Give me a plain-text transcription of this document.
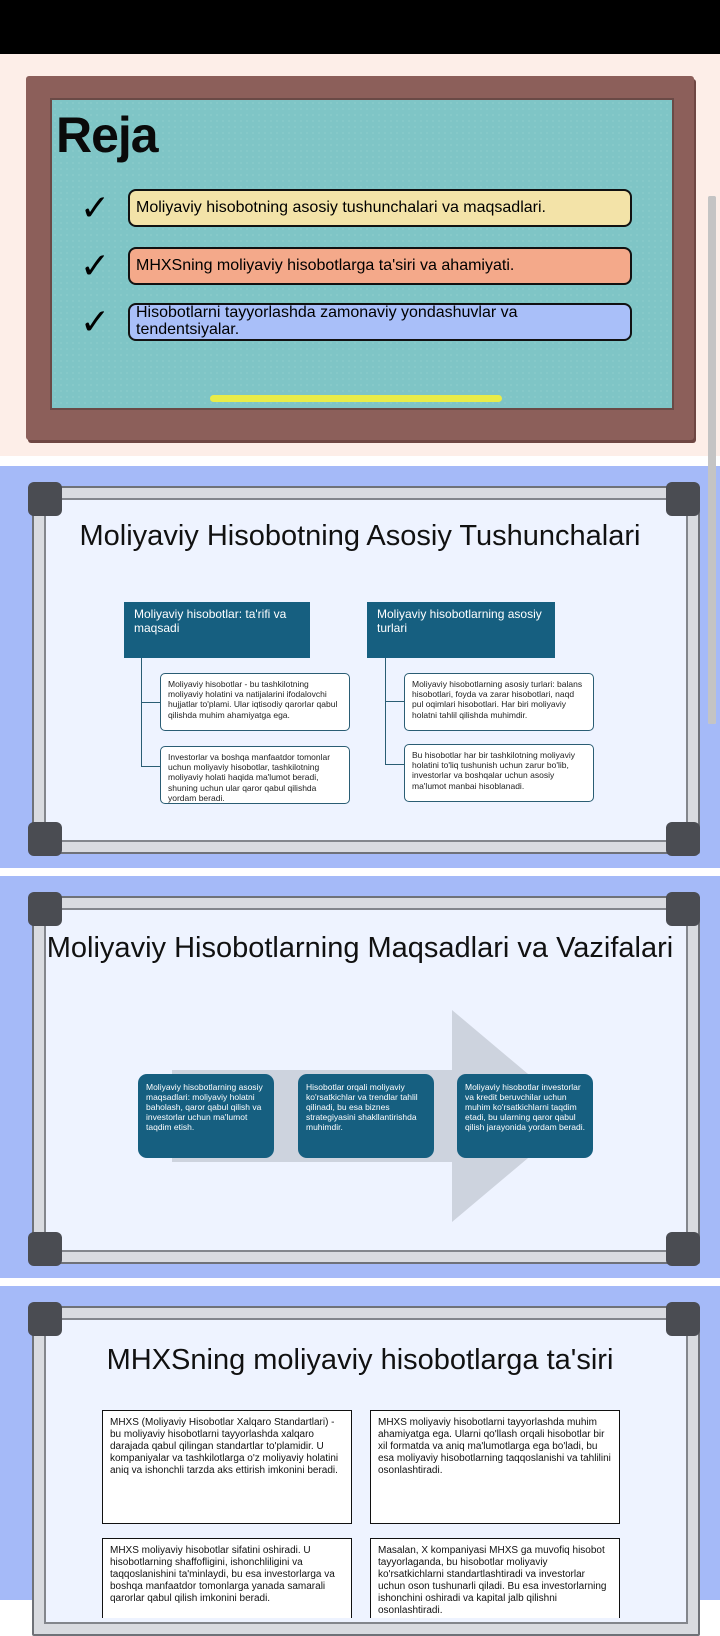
Reja
✓	Moliyaviy hisobotning asosiy tushunchalari va maqsadlari.
✓	MHXSning moliyaviy hisobotlarga ta'siri va ahamiyati.
✓	Hisobotlarni tayyorlashda zamonaviy yondashuvlar va tendentsiyalar.
Moliyaviy Hisobotning Asosiy Tushunchalari
Moliyaviy hisobotlar: ta'rifi va maqsadi
Moliyaviy hisobotlar - bu tashkilotning moliyaviy holatini va natijalarini ifodalovchi hujjatlar to'plami. Ular iqtisodiy qarorlar qabul qilishda muhim ahamiyatga ega.
Investorlar va boshqa manfaatdor tomonlar uchun moliyaviy hisobotlar, tashkilotning moliyaviy holati haqida ma'lumot beradi, shuning uchun ular qaror qabul qilishda yordam beradi.
Moliyaviy hisobotlarning asosiy turlari
Moliyaviy hisobotlarning asosiy turlari: balans hisobotlari, foyda va zarar hisobotlari, naqd pul oqimlari hisobotlari. Har biri moliyaviy holatni tahlil qilishda muhimdir.
Bu hisobotlar har bir tashkilotning moliyaviy holatini to'liq tushunish uchun zarur bo'lib, investorlar va boshqalar uchun asosiy ma'lumot manbai hisoblanadi.
Moliyaviy Hisobotlarning Maqsadlari va Vazifalari
Moliyaviy hisobotlarning asosiy maqsadlari: moliyaviy holatni baholash, qaror qabul qilish va investorlar uchun ma'lumot taqdim etish.
Hisobotlar orqali moliyaviy ko'rsatkichlar va trendlar tahlil qilinadi, bu esa biznes strategiyasini shakllantirishda muhimdir.
Moliyaviy hisobotlar investorlar va kredit beruvchilar uchun muhim ko'rsatkichlarni taqdim etadi, bu ularning qaror qabul qilish jarayonida yordam beradi.
MHXSning moliyaviy hisobotlarga ta'siri
MHXS (Moliyaviy Hisobotlar Xalqaro Standartlari) - bu moliyaviy hisobotlarni tayyorlashda xalqaro darajada qabul qilingan standartlar to'plamidir. U kompaniyalar va tashkilotlarga o'z moliyaviy holatini aniq va ishonchli tarzda aks ettirish imkonini beradi.
MHXS moliyaviy hisobotlarni tayyorlashda muhim ahamiyatga ega. Ularni qo'llash orqali hisobotlar bir xil formatda va aniq ma'lumotlarga ega bo'ladi, bu esa moliyaviy hisobotlarning taqqoslanishi va tahlilini osonlashtiradi.
MHXS moliyaviy hisobotlar sifatini oshiradi. U hisobotlarning shaffofligini, ishonchliligini va taqqoslanishini ta'minlaydi, bu esa investorlarga va boshqa manfaatdor tomonlarga yanada samarali qarorlar qabul qilish imkonini beradi.
Masalan, X kompaniyasi MHXS ga muvofiq hisobot tayyorlaganda, bu hisobotlar moliyaviy ko'rsatkichlarni standartlashtiradi va investorlar uchun oson tushunarli qiladi. Bu esa investorlarning ishonchini oshiradi va kapital jalb qilishni osonlashtiradi.
